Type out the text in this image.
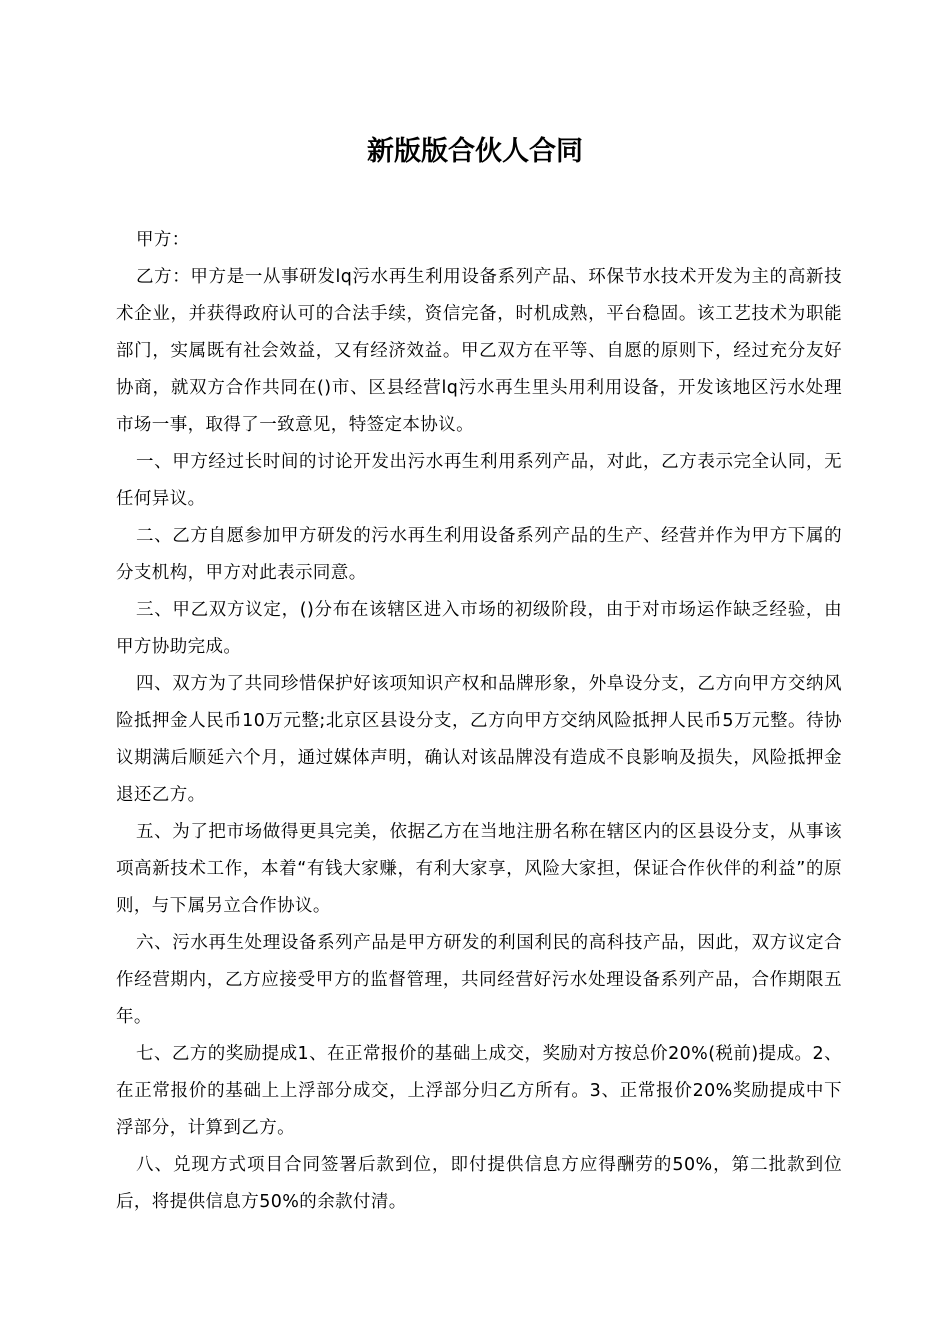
新版版合伙人合同

甲方：

乙方：甲方是一从事研发lq污水再生利用设备系列产品、环保节水技术开发为主的高新技术企业，并获得政府认可的合法手续，资信完备，时机成熟，平台稳固。该工艺技术为职能部门，实属既有社会效益，又有经济效益。甲乙双方在平等、自愿的原则下，经过充分友好协商，就双方合作共同在()市、区县经营lq污水再生里头用利用设备，开发该地区污水处理市场一事，取得了一致意见，特签定本协议。

一、甲方经过长时间的讨论开发出污水再生利用系列产品，对此，乙方表示完全认同，无任何异议。

二、乙方自愿参加甲方研发的污水再生利用设备系列产品的生产、经营并作为甲方下属的分支机构，甲方对此表示同意。

三、甲乙双方议定，()分布在该辖区进入市场的初级阶段，由于对市场运作缺乏经验，由甲方协助完成。

四、双方为了共同珍惜保护好该项知识产权和品牌形象，外阜设分支，乙方向甲方交纳风险抵押金人民币10万元整;北京区县设分支，乙方向甲方交纳风险抵押人民币5万元整。待协议期满后顺延六个月，通过媒体声明，确认对该品牌没有造成不良影响及损失，风险抵押金退还乙方。

五、为了把市场做得更具完美，依据乙方在当地注册名称在辖区内的区县设分支，从事该项高新技术工作，本着“有钱大家赚，有利大家享，风险大家担，保证合作伙伴的利益”的原则，与下属另立合作协议。

六、污水再生处理设备系列产品是甲方研发的利国利民的高科技产品，因此，双方议定合作经营期内，乙方应接受甲方的监督管理，共同经营好污水处理设备系列产品，合作期限五年。

七、乙方的奖励提成1、在正常报价的基础上成交，奖励对方按总价20%(税前)提成。2、在正常报价的基础上上浮部分成交，上浮部分归乙方所有。3、正常报价20%奖励提成中下浮部分，计算到乙方。

八、兑现方式项目合同签署后款到位，即付提供信息方应得酬劳的50%，第二批款到位后，将提供信息方50%的余款付清。
